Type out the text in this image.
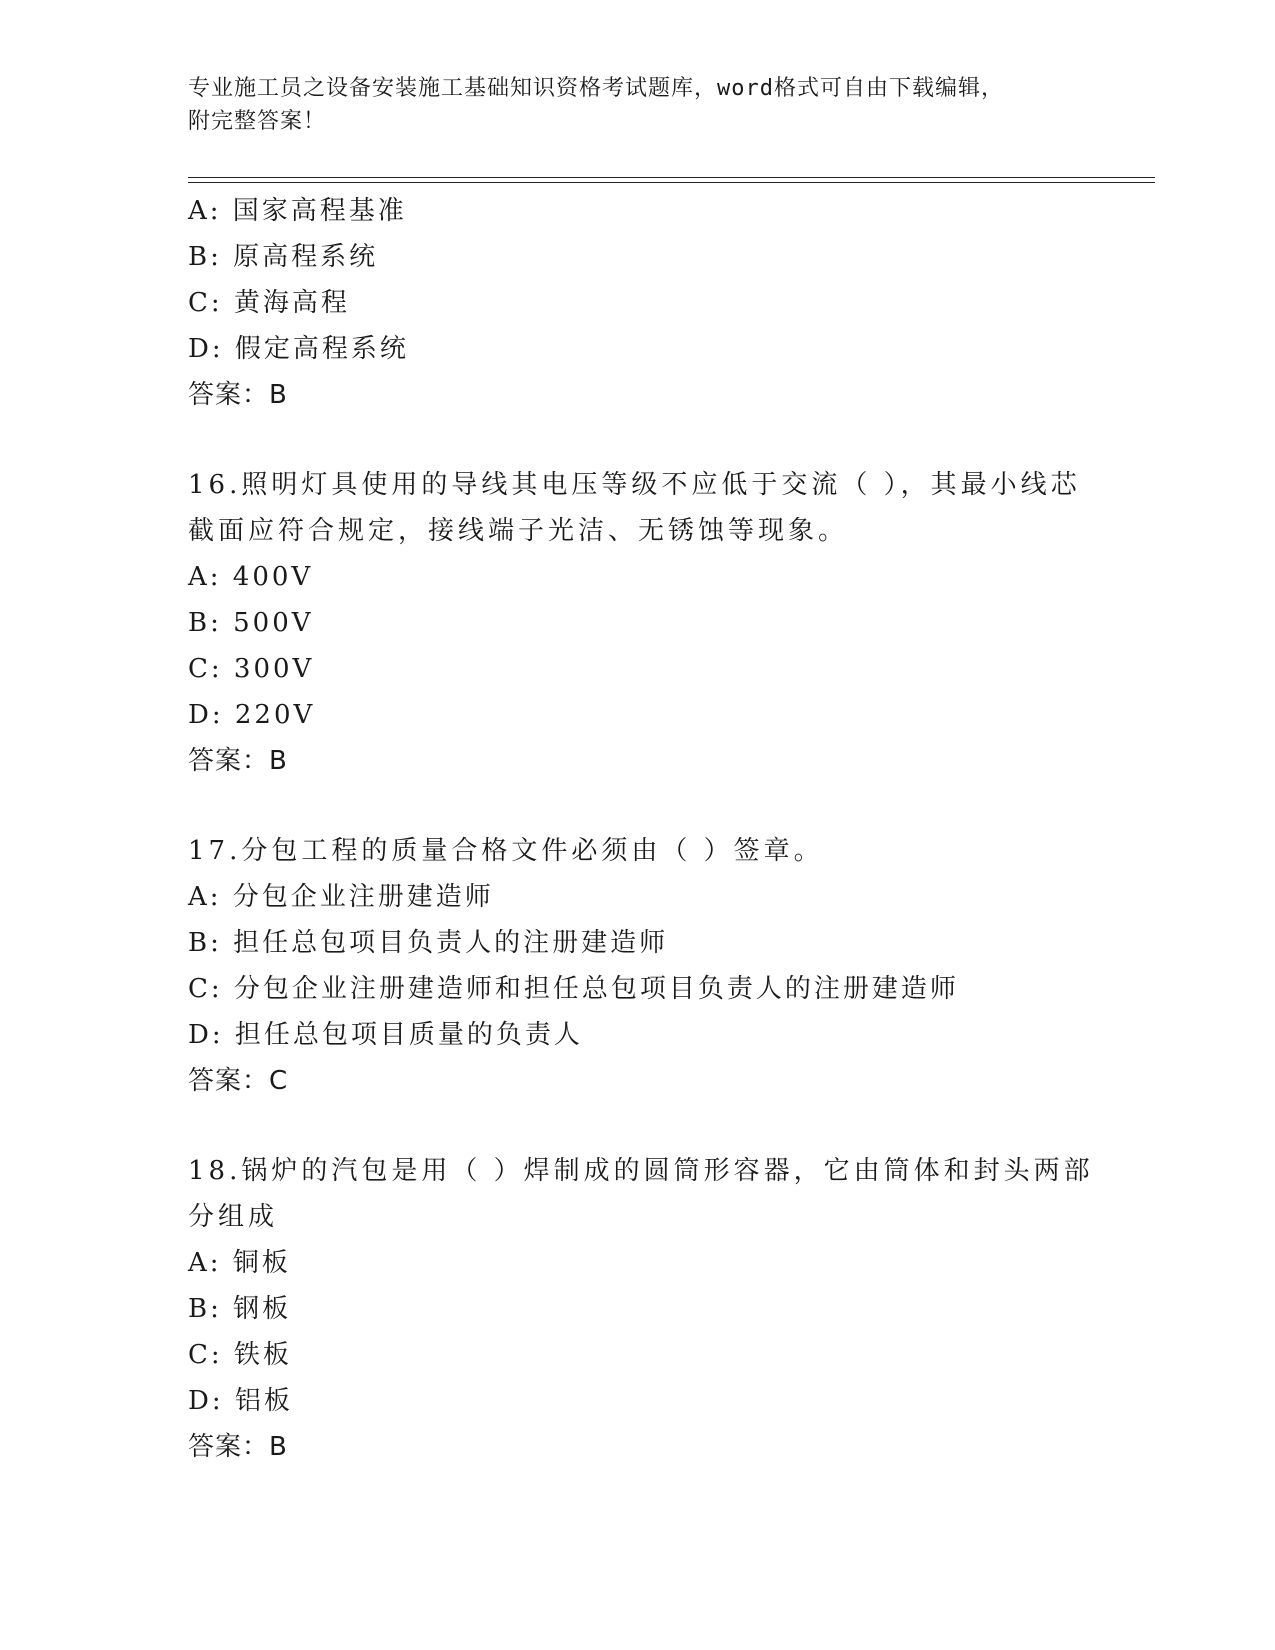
专业施工员之设备安装施工基础知识资格考试题库，word格式可自由下载编辑，
附完整答案！
A: 国家高程基准
B: 原高程系统
C: 黄海高程
D: 假定高程系统
答案：B
16.照明灯具使用的导线其电压等级不应低于交流（ ），其最小线芯
截面应符合规定，接线端子光洁、无锈蚀等现象。
A: 400V
B: 500V
C: 300V
D: 220V
答案：B
17.分包工程的质量合格文件必须由（ ）签章。
A: 分包企业注册建造师
B: 担任总包项目负责人的注册建造师
C: 分包企业注册建造师和担任总包项目负责人的注册建造师
D: 担任总包项目质量的负责人
答案：C
18.锅炉的汽包是用（ ）焊制成的圆筒形容器，它由筒体和封头两部
分组成
A: 铜板
B: 钢板
C: 铁板
D: 铝板
答案：B
